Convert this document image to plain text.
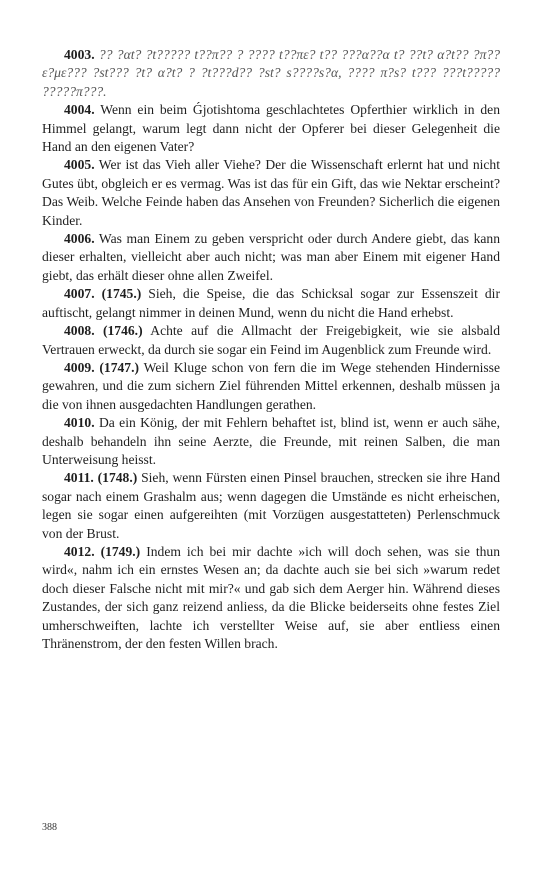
4003. ?? ?αt? ?t????? t??π?? ? ???? t??πε? t?? ???α??α t? ??t? α?t?? ?π??ε?με??? ?st??? ?t? α?t? ? ?t???d?? ?st? s????s?α, ???? π?s? t??? ???t????? ?????π???.

4004. Wenn ein beim Ǵjotishtoma geschlachtetes Opferthier wirklich in den Himmel gelangt, warum legt dann nicht der Opferer bei dieser Gelegenheit die Hand an den eigenen Vater?

4005. Wer ist das Vieh aller Viehe? Der die Wissenschaft erlernt hat und nicht Gutes übt, obgleich er es vermag. Was ist das für ein Gift, das wie Nektar erscheint? Das Weib. Welche Feinde haben das Ansehen von Freunden? Sicherlich die eigenen Kinder.

4006. Was man Einem zu geben verspricht oder durch Andere giebt, das kann dieser erhalten, vielleicht aber auch nicht; was man aber Einem mit eigener Hand giebt, das erhält dieser ohne allen Zweifel.

4007. (1745.) Sieh, die Speise, die das Schicksal sogar zur Essenszeit dir auftischt, gelangt nimmer in deinen Mund, wenn du nicht die Hand erhebst.

4008. (1746.) Achte auf die Allmacht der Freigebigkeit, wie sie alsbald Vertrauen erweckt, da durch sie sogar ein Feind im Augenblick zum Freunde wird.

4009. (1747.) Weil Kluge schon von fern die im Wege stehenden Hindernisse gewahren, und die zum sichern Ziel führenden Mittel erkennen, deshalb müssen ja die von ihnen ausgedachten Handlungen gerathen.

4010. Da ein König, der mit Fehlern behaftet ist, blind ist, wenn er auch sähe, deshalb behandeln ihn seine Aerzte, die Freunde, mit reinen Salben, die man Unterweisung heisst.

4011. (1748.) Sieh, wenn Fürsten einen Pinsel brauchen, strecken sie ihre Hand sogar nach einem Grashalm aus; wenn dagegen die Umstände es nicht erheischen, legen sie sogar einen aufgereihten (mit Vorzügen ausgestatteten) Perlenschmuck von der Brust.

4012. (1749.) Indem ich bei mir dachte »ich will doch sehen, was sie thun wird«, nahm ich ein ernstes Wesen an; da dachte auch sie bei sich »warum redet doch dieser Falsche nicht mit mir?« und gab sich dem Aerger hin. Während dieses Zustandes, der sich ganz reizend anliess, da die Blicke beiderseits ohne festes Ziel umherschweiften, lachte ich verstellter Weise auf, sie aber entliess einen Thränenstrom, der den festen Willen brach.

388
